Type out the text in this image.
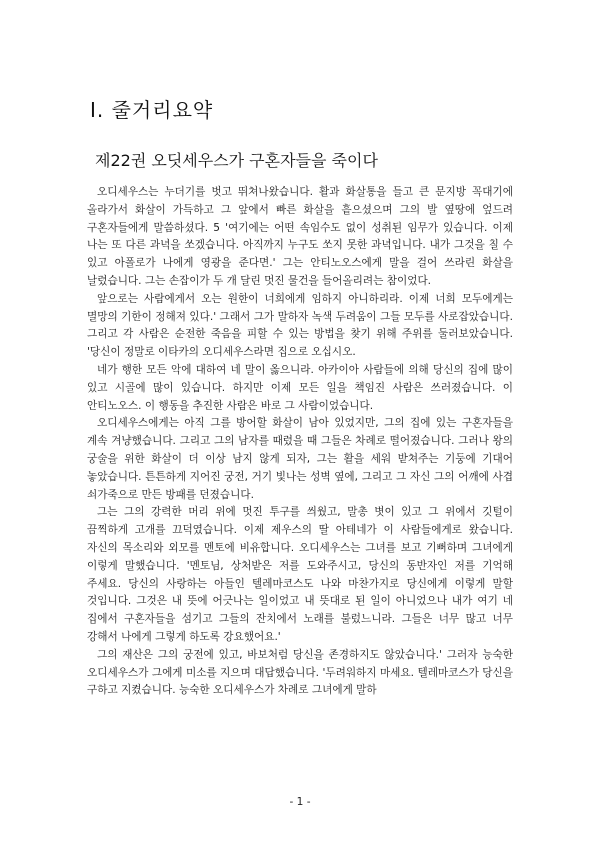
Ⅰ. 줄거리요약
제22권 오딧세우스가 구혼자들을 죽이다

오디세우스는 누더기를 벗고 뛰쳐나왔습니다. 활과 화살통을 들고 큰 문지방 꼭대기에 올라가서 화살이 가득하고 그 앞에서 빠른 화살을 흩으셨으며 그의 발 옆땅에 엎드려 구혼자들에게 말씀하셨다. 5 '여기에는 어떤 속임수도 없이 성취된 임무가 있습니다. 이제 나는 또 다른 과녁을 쏘겠습니다. 아직까지 누구도 쏘지 못한 과녁입니다. 내가 그것을 칠 수 있고 아폴로가 나에게 영광을 준다면.' 그는 안티노오스에게 말을 걸어 쓰라린 화살을 날렸습니다. 그는 손잡이가 두 개 달린 멋진 물건을 들어올리려는 참이었다.

앞으로는 사람에게서 오는 원한이 너희에게 임하지 아니하리라. 이제 너희 모두에게는 멸망의 기한이 정해져 있다.' 그래서 그가 말하자 녹색 두려움이 그들 모두를 사로잡았습니다. 그리고 각 사람은 순전한 죽음을 피할 수 있는 방법을 찾기 위해 주위를 둘러보았습니다. '당신이 정말로 이타카의 오디세우스라면 집으로 오십시오.

네가 행한 모든 악에 대하여 네 말이 옳으니라. 아카이아 사람들에 의해 당신의 집에 많이 있고 시골에 많이 있습니다. 하지만 이제 모든 일을 책임진 사람은 쓰러졌습니다. 이 안티노오스. 이 행동을 추진한 사람은 바로 그 사람이었습니다.

오디세우스에게는 아직 그를 방어할 화살이 남아 있었지만, 그의 집에 있는 구혼자들을 계속 겨냥했습니다. 그리고 그의 남자를 때렸을 때 그들은 차례로 떨어졌습니다. 그러나 왕의 궁술을 위한 화살이 더 이상 남지 않게 되자, 그는 활을 세워 받쳐주는 기둥에 기대어 놓았습니다. 튼튼하게 지어진 궁전, 거기 빛나는 성벽 옆에, 그리고 그 자신 그의 어깨에 사겹 쇠가죽으로 만든 방패를 던졌습니다.

그는 그의 강력한 머리 위에 멋진 투구를 씌웠고, 말총 볏이 있고 그 위에서 깃털이 끔찍하게 고개를 끄덕였습니다. 이제 제우스의 딸 아테네가 이 사람들에게로 왔습니다. 자신의 목소리와 외모를 멘토에 비유합니다. 오디세우스는 그녀를 보고 기뻐하며 그녀에게 이렇게 말했습니다. '멘토님, 상처받은 저를 도와주시고, 당신의 동반자인 저를 기억해 주세요. 당신의 사랑하는 아들인 텔레마코스도 나와 마찬가지로 당신에게 이렇게 말할 것입니다. 그것은 내 뜻에 어긋나는 일이었고 내 뜻대로 된 일이 아니었으나 내가 여기 네 집에서 구혼자들을 섬기고 그들의 잔치에서 노래를 불렀느니라. 그들은 너무 많고 너무 강해서 나에게 그렇게 하도록 강요했어요.'

그의 재산은 그의 궁전에 있고, 바보처럼 당신을 존경하지도 않았습니다.' 그러자 능숙한 오디세우스가 그에게 미소를 지으며 대답했습니다. '두려워하지 마세요. 텔레마코스가 당신을 구하고 지켰습니다. 능숙한 오디세우스가 차례로 그녀에게 말하

- 1 -
